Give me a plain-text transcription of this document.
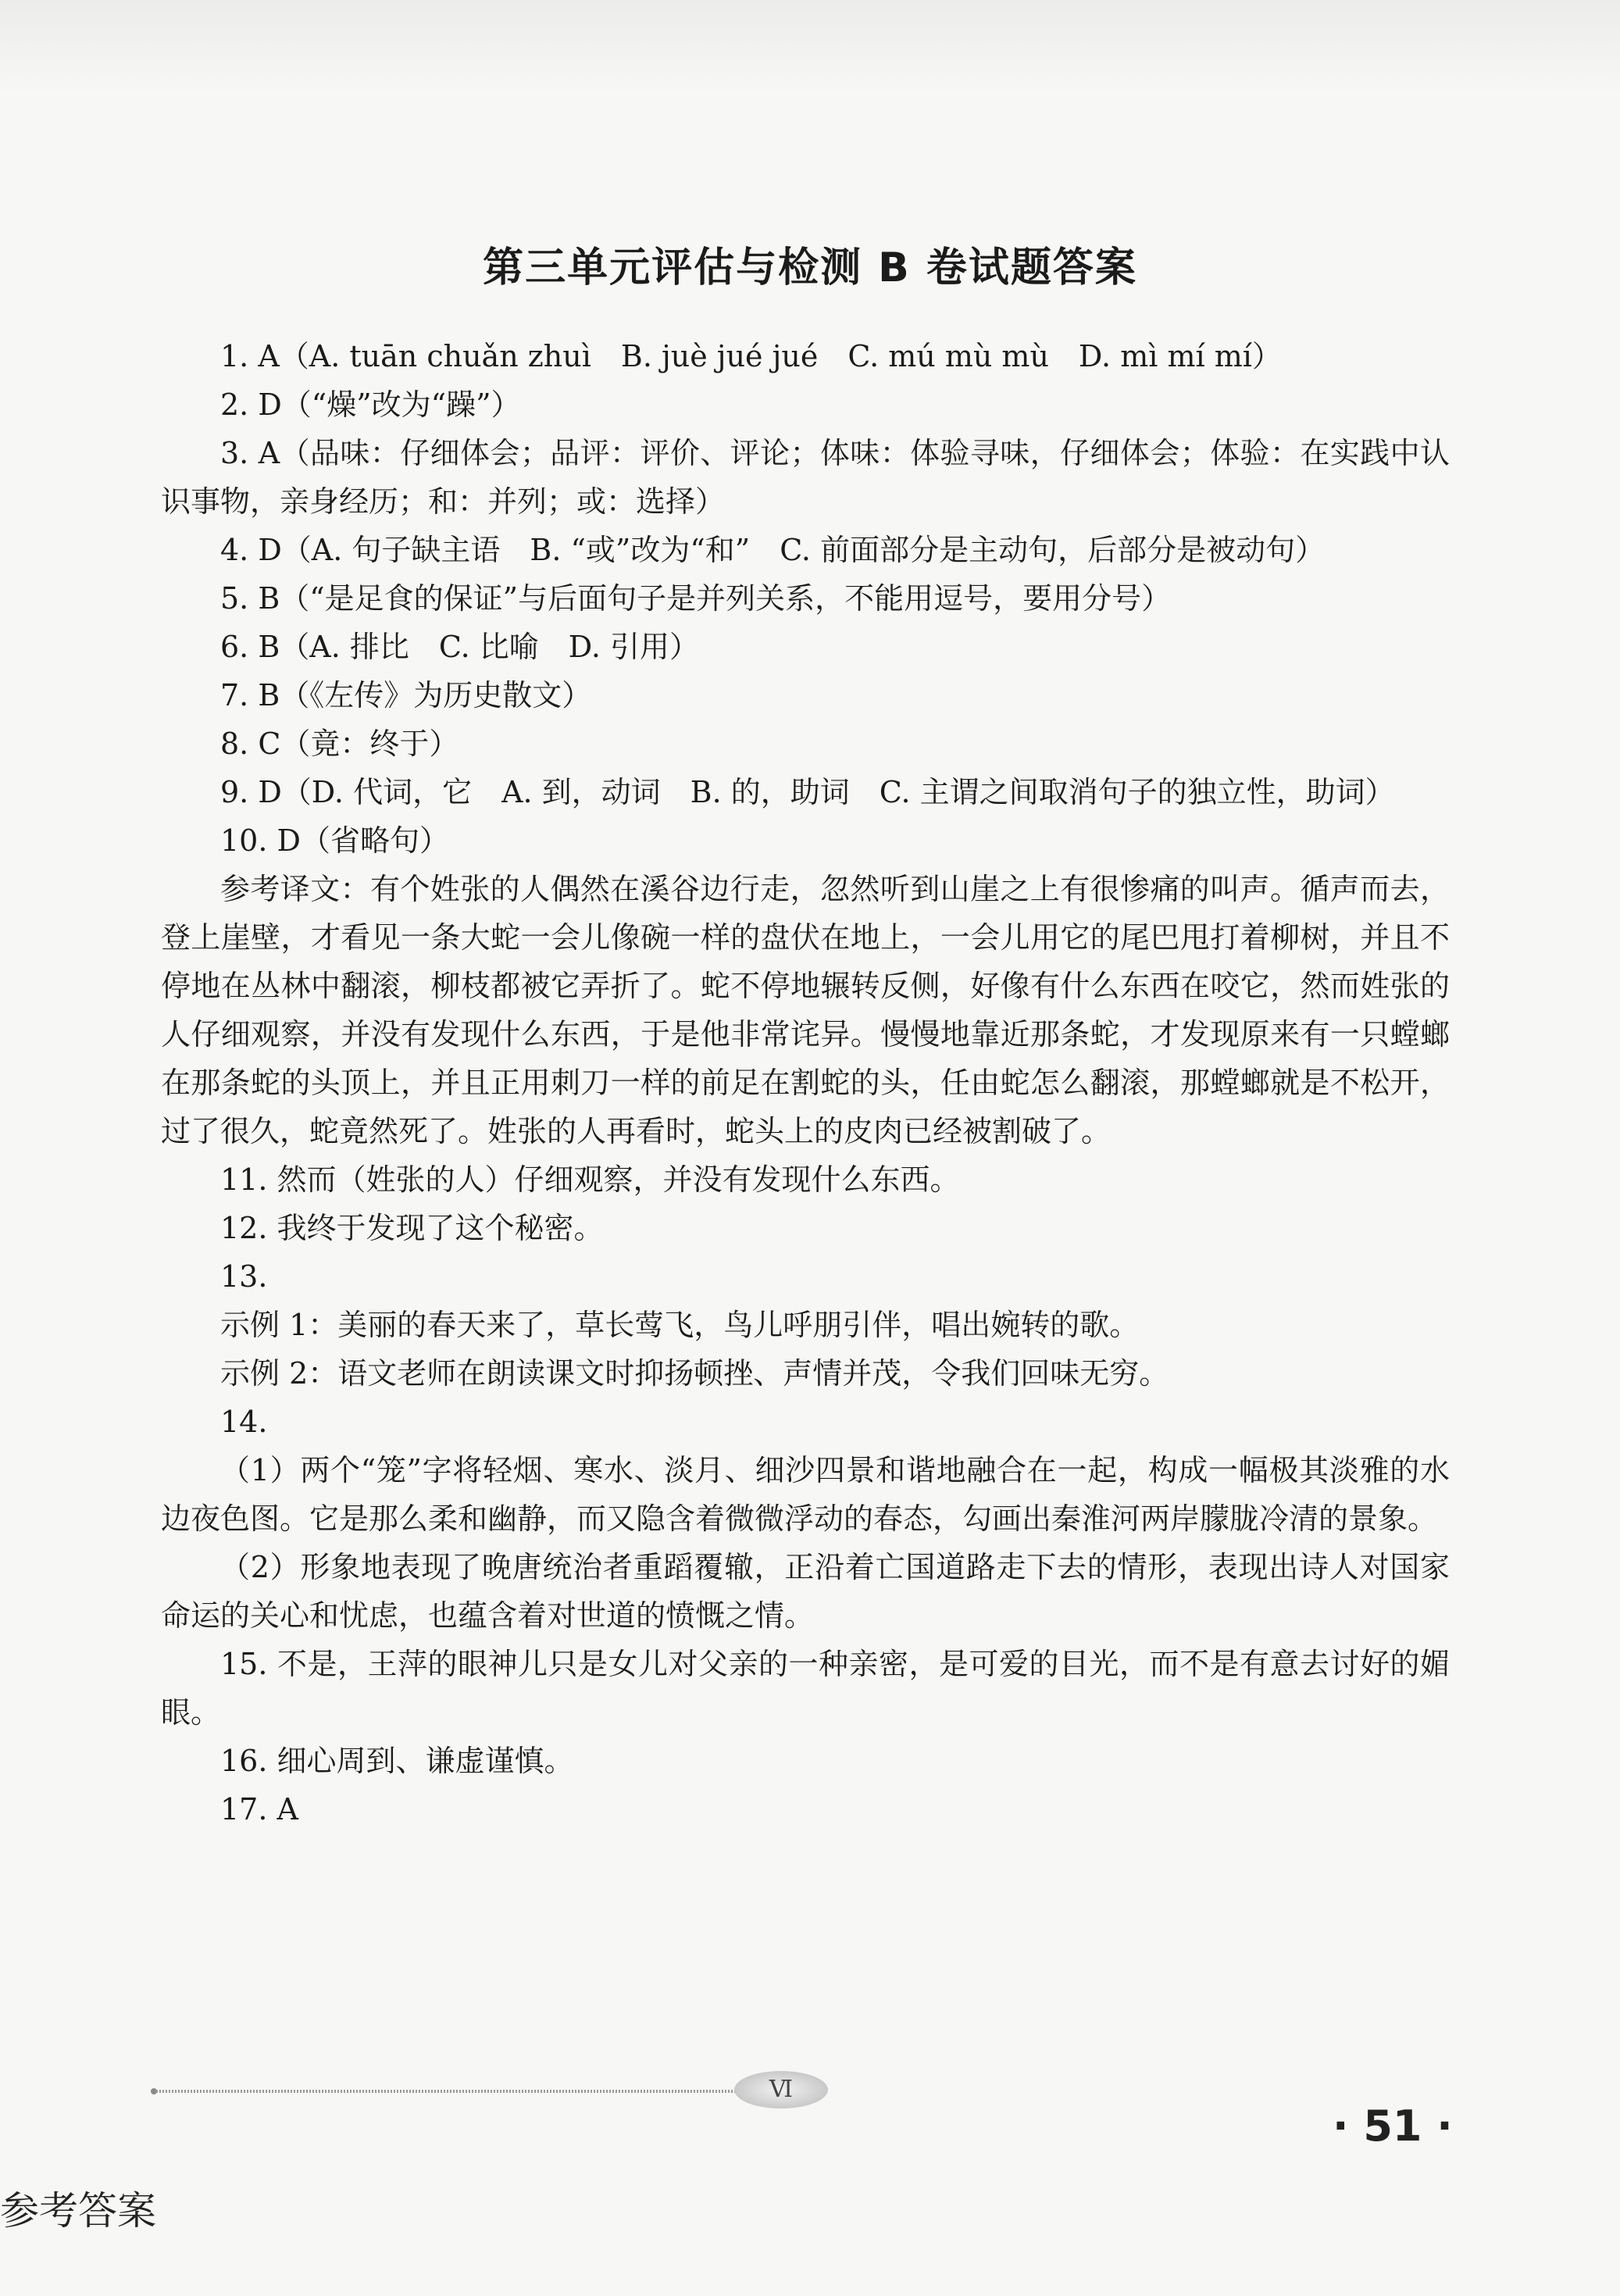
第三单元评估与检测 B 卷试题答案

1. A（A. tuān chuǎn zhuì　B. juè jué jué　C. mú mù mù　D. mì mí mí）

2. D（“燥”改为“躁”）

3. A（品味：仔细体会；品评：评价、评论；体味：体验寻味，仔细体会；体验：在实践中认识事物，亲身经历；和：并列；或：选择）

4. D（A. 句子缺主语　B. “或”改为“和”　C. 前面部分是主动句，后部分是被动句）

5. B（“是足食的保证”与后面句子是并列关系，不能用逗号，要用分号）

6. B（A. 排比　C. 比喻　D. 引用）

7. B（《左传》为历史散文）

8. C（竟：终于）

9. D（D. 代词，它　A. 到，动词　B. 的，助词　C. 主谓之间取消句子的独立性，助词）

10. D（省略句）

参考译文：有个姓张的人偶然在溪谷边行走，忽然听到山崖之上有很惨痛的叫声。循声而去，登上崖壁，才看见一条大蛇一会儿像碗一样的盘伏在地上，一会儿用它的尾巴甩打着柳树，并且不停地在丛林中翻滚，柳枝都被它弄折了。蛇不停地辗转反侧，好像有什么东西在咬它，然而姓张的人仔细观察，并没有发现什么东西，于是他非常诧异。慢慢地靠近那条蛇，才发现原来有一只螳螂在那条蛇的头顶上，并且正用刺刀一样的前足在割蛇的头，任由蛇怎么翻滚，那螳螂就是不松开，过了很久，蛇竟然死了。姓张的人再看时，蛇头上的皮肉已经被割破了。

11. 然而（姓张的人）仔细观察，并没有发现什么东西。

12. 我终于发现了这个秘密。

13.

示例 1：美丽的春天来了，草长莺飞，鸟儿呼朋引伴，唱出婉转的歌。

示例 2：语文老师在朗读课文时抑扬顿挫、声情并茂，令我们回味无穷。

14.

（1）两个“笼”字将轻烟、寒水、淡月、细沙四景和谐地融合在一起，构成一幅极其淡雅的水边夜色图。它是那么柔和幽静，而又隐含着微微浮动的春态，勾画出秦淮河两岸朦胧冷清的景象。

（2）形象地表现了晚唐统治者重蹈覆辙，正沿着亡国道路走下去的情形，表现出诗人对国家命运的关心和忧虑，也蕴含着对世道的愤慨之情。

15. 不是，王萍的眼神儿只是女儿对父亲的一种亲密，是可爱的目光，而不是有意去讨好的媚眼。

16. 细心周到、谦虚谨慎。

17. A

Ⅵ
· 51 ·
参考答案
